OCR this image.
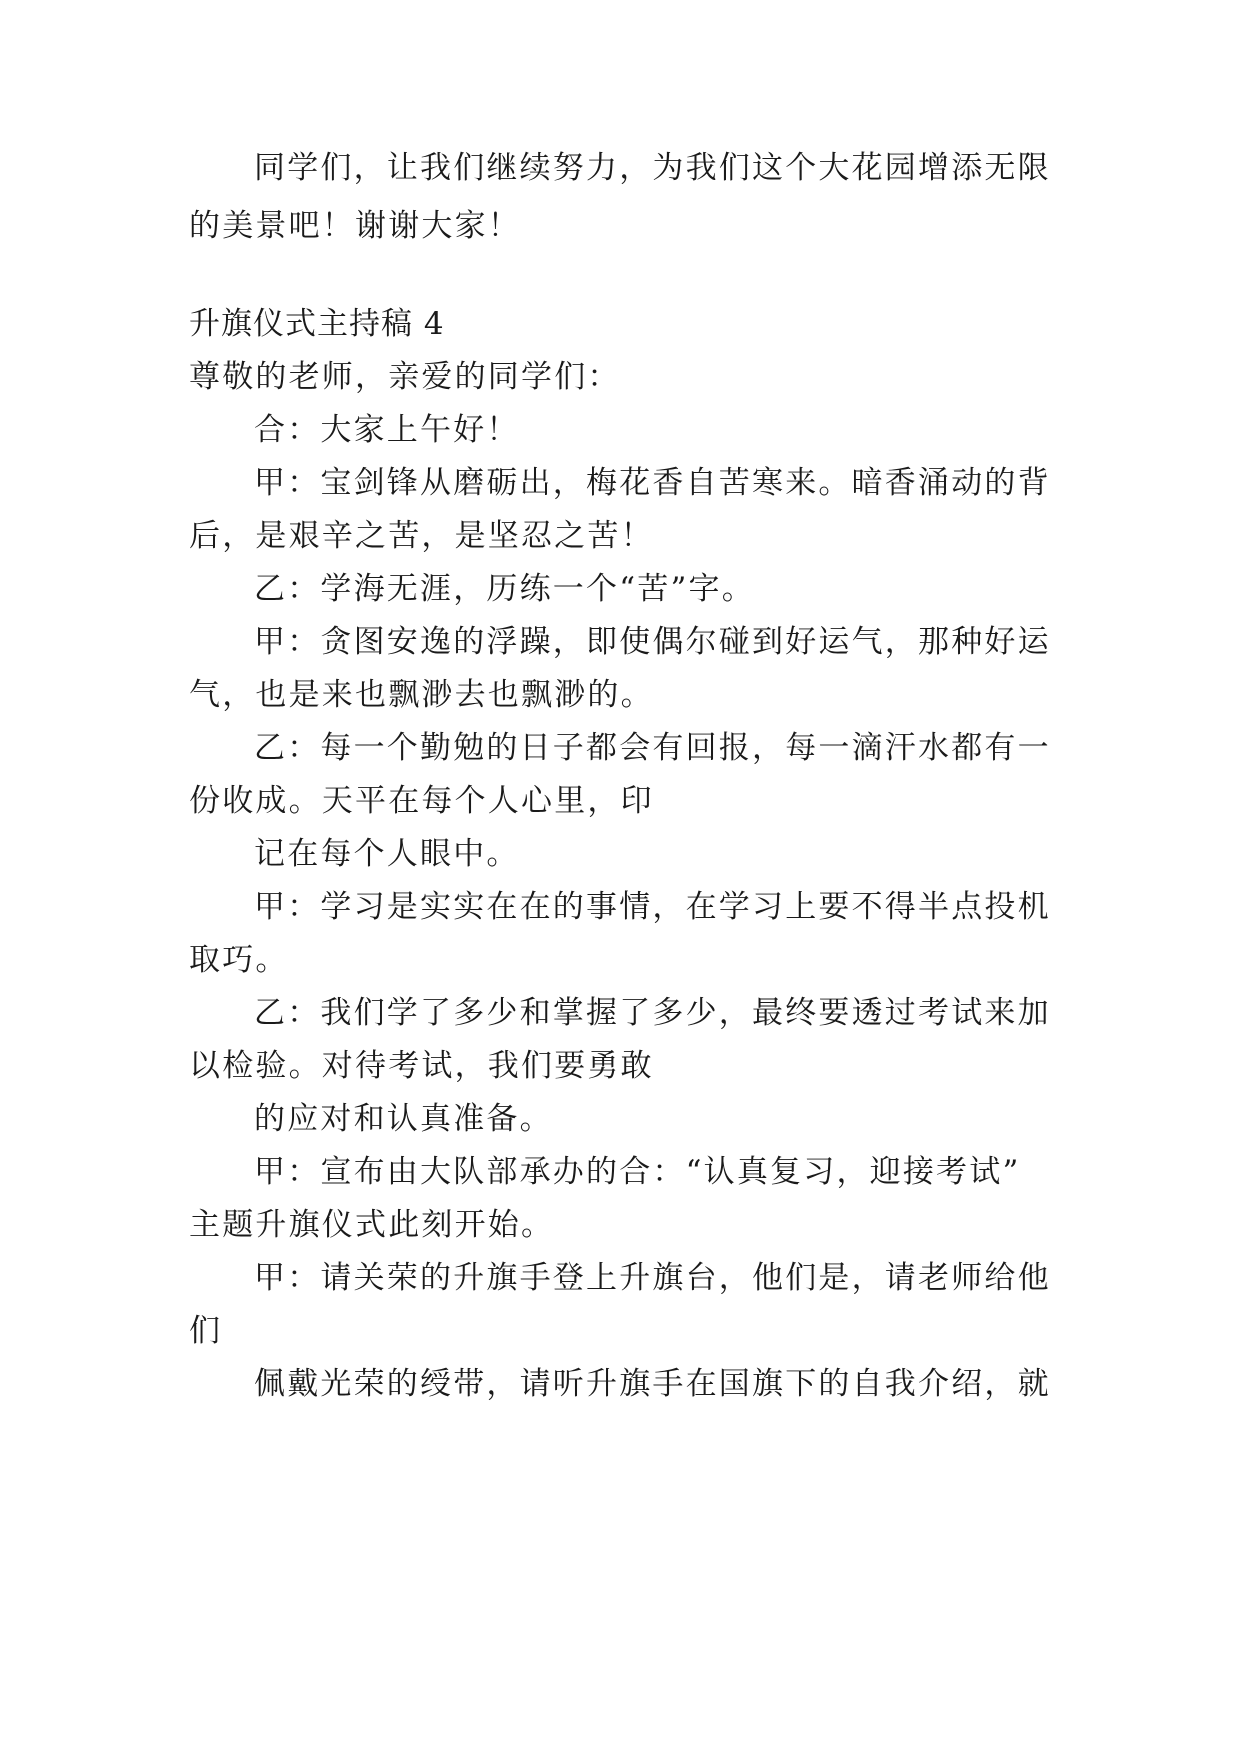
同学们，让我们继续努力，为我们这个大花园增添无限
的美景吧！谢谢大家！
升旗仪式主持稿 4
尊敬的老师，亲爱的同学们：
合：大家上午好！
甲：宝剑锋从磨砺出，梅花香自苦寒来。暗香涌动的背
后，是艰辛之苦，是坚忍之苦！
乙：学海无涯，历练一个“苦”字。
甲：贪图安逸的浮躁，即使偶尔碰到好运气，那种好运
气，也是来也飘渺去也飘渺的。
乙：每一个勤勉的日子都会有回报，每一滴汗水都有一
份收成。天平在每个人心里，印
记在每个人眼中。
甲：学习是实实在在的事情，在学习上要不得半点投机
取巧。
乙：我们学了多少和掌握了多少，最终要透过考试来加
以检验。对待考试，我们要勇敢
的应对和认真准备。
甲：宣布由大队部承办的合：“认真复习，迎接考试”
主题升旗仪式此刻开始。
甲：请关荣的升旗手登上升旗台，他们是，请老师给他
们
佩戴光荣的绶带，请听升旗手在国旗下的自我介绍，就
